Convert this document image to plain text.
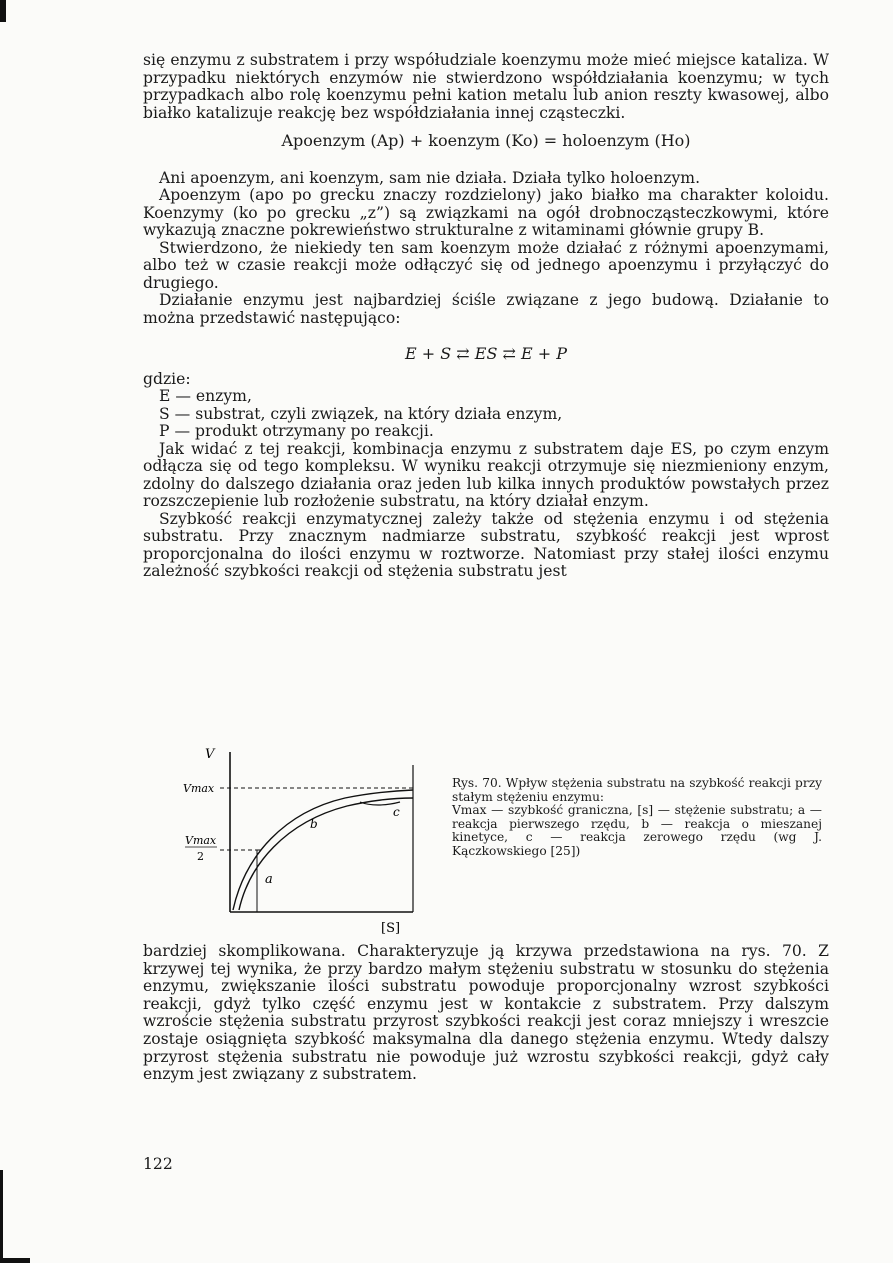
się enzymu z substratem i przy współudziale koenzymu może mieć miejsce kataliza. W przypadku niektórych enzymów nie stwierdzono współdziałania koenzymu; w tych przypadkach albo rolę koenzymu pełni kation metalu lub anion reszty kwasowej, albo białko katalizuje reakcję bez współdziałania innej cząsteczki.

Apoenzym (Ap) + koenzym (Ko) = holoenzym (Ho)

Ani apoenzym, ani koenzym, sam nie działa. Działa tylko holoenzym.

Apoenzym (apo po grecku znaczy rozdzielony) jako białko ma charakter koloidu. Koenzymy (ko po grecku „z”) są związkami na ogół drobnocząsteczkowymi, które wykazują znaczne pokrewieństwo strukturalne z witaminami głównie grupy B.

Stwierdzono, że niekiedy ten sam koenzym może działać z różnymi apoenzymami, albo też w czasie reakcji może odłączyć się od jednego apoenzymu i przyłączyć do drugiego.

Działanie enzymu jest najbardziej ściśle związane z jego budową. Działanie to można przedstawić następująco:

E + S ⇄ ES ⇄ E + P

gdzie:

E — enzym,

S — substrat, czyli związek, na który działa enzym,

P — produkt otrzymany po reakcji.

Jak widać z tej reakcji, kombinacja enzymu z substratem daje ES, po czym enzym odłącza się od tego kompleksu. W wyniku reakcji otrzymuje się niezmieniony enzym, zdolny do dalszego działania oraz jeden lub kilka innych produktów powstałych przez rozszczepienie lub rozłożenie substratu, na który działał enzym.

Szybkość reakcji enzymatycznej zależy także od stężenia enzymu i od stężenia substratu. Przy znacznym nadmiarze substratu, szybkość reakcji jest wprost proporcjonalna do ilości enzymu w roztworze. Natomiast przy stałej ilości enzymu zależność szybkości reakcji od stężenia substratu jest

V
Vmax
Vmax
2
a
b
c
[S]

Rys. 70. Wpływ stężenia substratu na szybkość reakcji przy stałym stężeniu enzymu:

Vmax — szybkość graniczna, [s] — stężenie substratu; a — reakcja pierwszego rzędu, b — reakcja o mieszanej kinetyce, c — reakcja zerowego rzędu (wg J. Kączkowskiego [25])

bardziej skomplikowana. Charakteryzuje ją krzywa przedstawiona na rys. 70. Z krzywej tej wynika, że przy bardzo małym stężeniu substratu w stosunku do stężenia enzymu, zwiększanie ilości substratu powoduje proporcjonalny wzrost szybkości reakcji, gdyż tylko część enzymu jest w kontakcie z substratem. Przy dalszym wzroście stężenia substratu przyrost szybkości reakcji jest coraz mniejszy i wreszcie zostaje osiągnięta szybkość maksymalna dla danego stężenia enzymu. Wtedy dalszy przyrost stężenia substratu nie powoduje już wzrostu szybkości reakcji, gdyż cały enzym jest związany z substratem.

122
